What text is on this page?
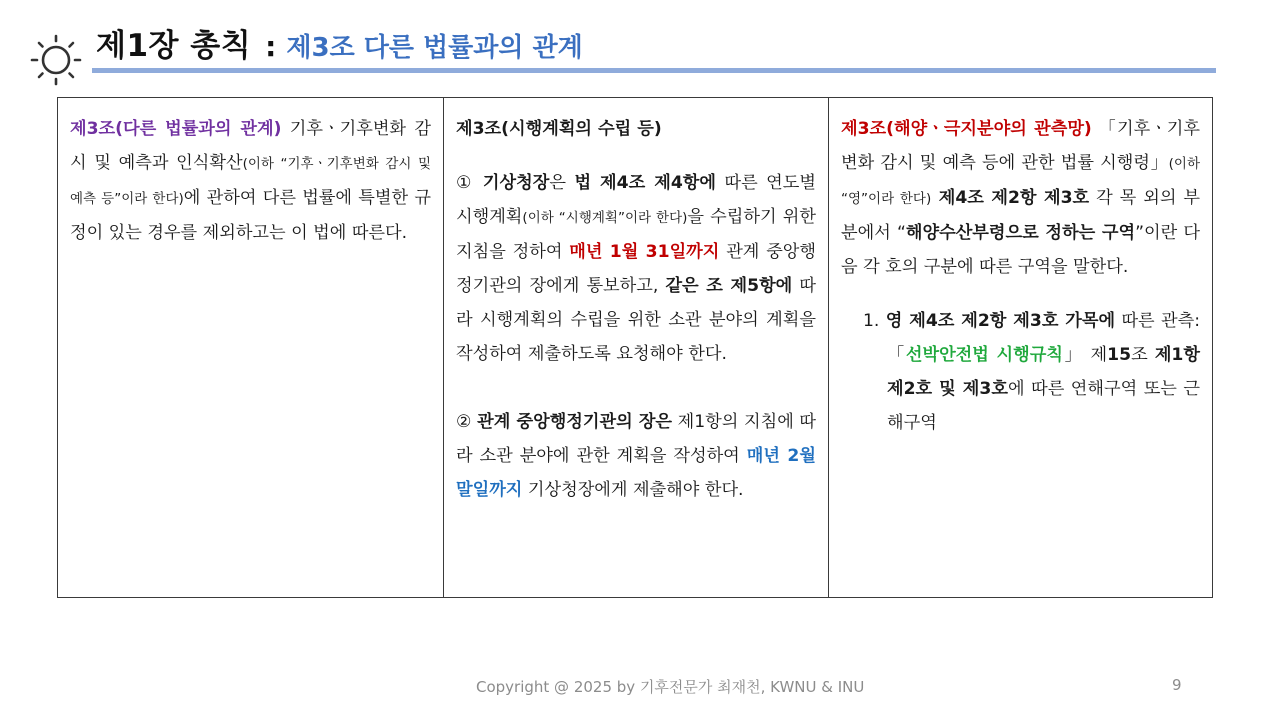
제1장 총칙 : 제3조 다른 법률과의 관계

제3조(다른 법률과의 관계) 기후ㆍ기후변화 감시 및 예측과 인식확산(이하 “기후ㆍ기후변화 감시 및 예측 등”이라 한다)에 관하여 다른 법률에 특별한 규정이 있는 경우를 제외하고는 이 법에 따른다.

제3조(시행계획의 수립 등)

① 기상청장은 법 제4조 제4항에 따른 연도별 시행계획(이하 “시행계획”이라 한다)을 수립하기 위한 지침을 정하여 매년 1월 31일까지 관계 중앙행정기관의 장에게 통보하고, 같은 조 제5항에 따라 시행계획의 수립을 위한 소관 분야의 계획을 작성하여 제출하도록 요청해야 한다.

② 관계 중앙행정기관의 장은 제1항의 지침에 따라 소관 분야에 관한 계획을 작성하여 매년 2월 말일까지 기상청장에게 제출해야 한다.

제3조(해양ㆍ극지분야의 관측망) 「기후ㆍ기후변화 감시 및 예측 등에 관한 법률 시행령」(이하 “영”이라 한다) 제4조 제2항 제3호 각 목 외의 부분에서 “해양수산부령으로 정하는 구역”이란 다음 각 호의 구분에 따른 구역을 말한다.

1. 영 제4조 제2항 제3호 가목에 따른 관측:「선박안전법 시행규칙」 제15조 제1항 제2호 및 제3호에 따른 연해구역 또는 근해구역

Copyright @ 2025 by 기후전문가 최재천, KWNU & INU	9
